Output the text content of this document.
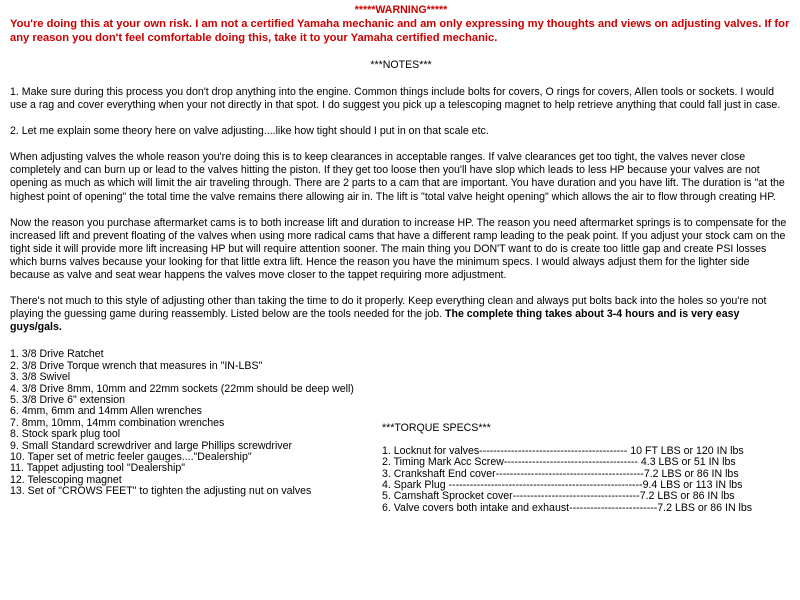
*****WARNING*****
You're doing this at your own risk. I am not a certified Yamaha mechanic and am only expressing my thoughts and views on adjusting valves. If for any reason you don't feel comfortable doing this, take it to your Yamaha certified mechanic.
***NOTES***

1. Make sure during this process you don't drop anything into the engine. Common things include bolts for covers, O rings for covers, Allen tools or sockets. I would use a rag and cover everything when your not directly in that spot. I do suggest you pick up a telescoping magnet to help retrieve anything that could fall just in case.

2. Let me explain some theory here on valve adjusting....like how tight should I put in on that scale etc.

When adjusting valves the whole reason you're doing this is to keep clearances in acceptable ranges. If valve clearances get too tight, the valves never close completely and can burn up or lead to the valves hitting the piston. If they get too loose then you'll have slop which leads to less HP because your valves are not opening as much as which will limit the air traveling through. There are 2 parts to a cam that are important. You have duration and you have lift. The duration is "at the highest point of opening" the total time the valve remains there allowing air in. The lift is "total valve height opening" which allows the air to flow through creating HP.

Now the reason you purchase aftermarket cams is to both increase lift and duration to increase HP. The reason you need aftermarket springs is to compensate for the increased lift and prevent floating of the valves when using more radical cams that have a different ramp leading to the peak point. If you adjust your stock cam on the tight side it will provide more lift increasing HP but will require attention sooner. The main thing you DON'T want to do is create too little gap and create PSI losses which burns valves because your looking for that little extra lift. Hence the reason you have the minimum specs. I would always adjust them for the lighter side because as valve and seat wear happens the valves move closer to the tappet requiring more adjustment.

There's not much to this style of adjusting other than taking the time to do it properly. Keep everything clean and always put bolts back into the holes so you're not playing the guessing game during reassembly. Listed below are the tools needed for the job. The complete thing takes about 3-4 hours and is very easy guys/gals.

1. 3/8 Drive Ratchet
2. 3/8 Drive Torque wrench that measures in "IN-LBS"
3. 3/8 Swivel
4. 3/8 Drive 8mm, 10mm and 22mm sockets (22mm should be deep well)
5. 3/8 Drive 6" extension
6. 4mm, 6mm and 14mm Allen wrenches
7. 8mm, 10mm, 14mm combination wrenches
8. Stock spark plug tool
9. Small Standard screwdriver and large Phillips screwdriver
10. Taper set of metric feeler gauges...."Dealership"
11. Tappet adjusting tool "Dealership"
12. Telescoping magnet
13. Set of "CROWS FEET" to tighten the adjusting nut on valves
***TORQUE SPECS***
1. Locknut for valves------------------------------------------ 10 FT LBS or 120 IN lbs
2. Timing Mark Acc Screw-------------------------------------- 4.3 LBS or 51 IN lbs
3. Crankshaft End cover------------------------------------------7.2 LBS or 86 IN lbs
4. Spark Plug -------------------------------------------------------9.4 LBS or 113 IN lbs
5. Camshaft Sprocket cover------------------------------------7.2 LBS or 86 IN lbs
6. Valve covers both intake and exhaust-------------------------7.2 LBS or 86 IN lbs
